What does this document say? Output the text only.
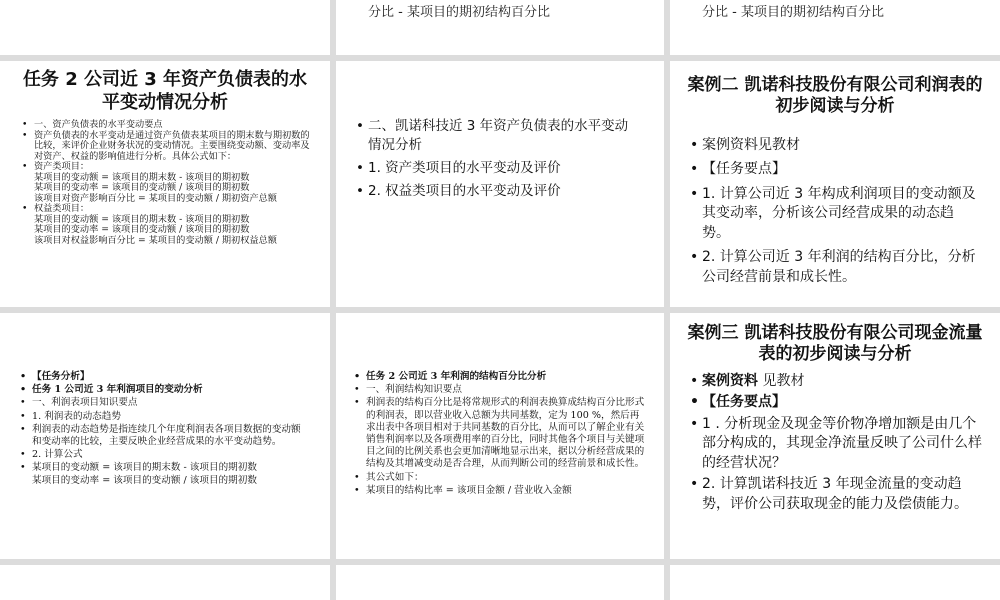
分比 - 某项目的期初结构百分比	分比 - 某项目的期初结构百分比
任务 2 公司近 3 年资产负债表的水平变动情况分析
• 一、资产负债表的水平变动要点
• 资产负债表的水平变动是通过资产负债表某项目的期末数与期初数的比较，来评价企业财务状况的变动情况。主要围绕变动额、变动率及对资产、权益的影响值进行分析。具体公式如下：
• 资产类项目：
某项目的变动额 = 该项目的期末数 - 该项目的期初数
某项目的变动率 = 该项目的变动额 / 该项目的期初数
该项目对资产影响百分比 = 某项目的变动额 / 期初资产总额
• 权益类项目：
某项目的变动额 = 该项目的期末数 - 该项目的期初数
某项目的变动率 = 该项目的变动额 / 该项目的期初数
该项目对权益影响百分比 = 某项目的变动额 / 期初权益总额
• 二、凯诺科技近 3 年资产负债表的水平变动情况分析
• 1. 资产类项目的水平变动及评价
• 2. 权益类项目的水平变动及评价
案例二 凯诺科技股份有限公司利润表的初步阅读与分析
• 案例资料见教材
• 【任务要点】
• 1. 计算公司近 3 年构成利润项目的变动额及其变动率，分析该公司经营成果的动态趋势。
• 2. 计算公司近 3 年利润的结构百分比，分析公司经营前景和成长性。
• 【任务分析】
• 任务 1 公司近 3 年利润项目的变动分析
• 一、利润表项目知识要点
• 1. 利润表的动态趋势
• 利润表的动态趋势是指连续几个年度利润表各项目数据的变动额和变动率的比较，主要反映企业经营成果的水平变动趋势。
• 2. 计算公式
• 某项目的变动额 = 该项目的期末数 - 该项目的期初数
某项目的变动率 = 该项目的变动额 / 该项目的期初数
• 任务 2 公司近 3 年利润的结构百分比分析
• 一、利润结构知识要点
• 利润表的结构百分比是将常规形式的利润表换算成结构百分比形式的利润表，即以营业收入总额为共同基数，定为 100 %，然后再求出表中各项目相对于共同基数的百分比，从而可以了解企业有关销售利润率以及各项费用率的百分比，同时其他各个项目与关键项目之间的比例关系也会更加清晰地显示出来，据以分析经营成果的结构及其增减变动是否合理，从而判断公司的经营前景和成长性。
• 其公式如下：
• 某项目的结构比率 = 该项目金额 / 营业收入金额
案例三 凯诺科技股份有限公司现金流量表的初步阅读与分析
• 案例资料 见教材
• 【任务要点】
• 1 . 分析现金及现金等价物净增加额是由几个部分构成的，其现金净流量反映了公司什么样的经营状况？
• 2. 计算凯诺科技近 3 年现金流量的变动趋势，评价公司获取现金的能力及偿债能力。
